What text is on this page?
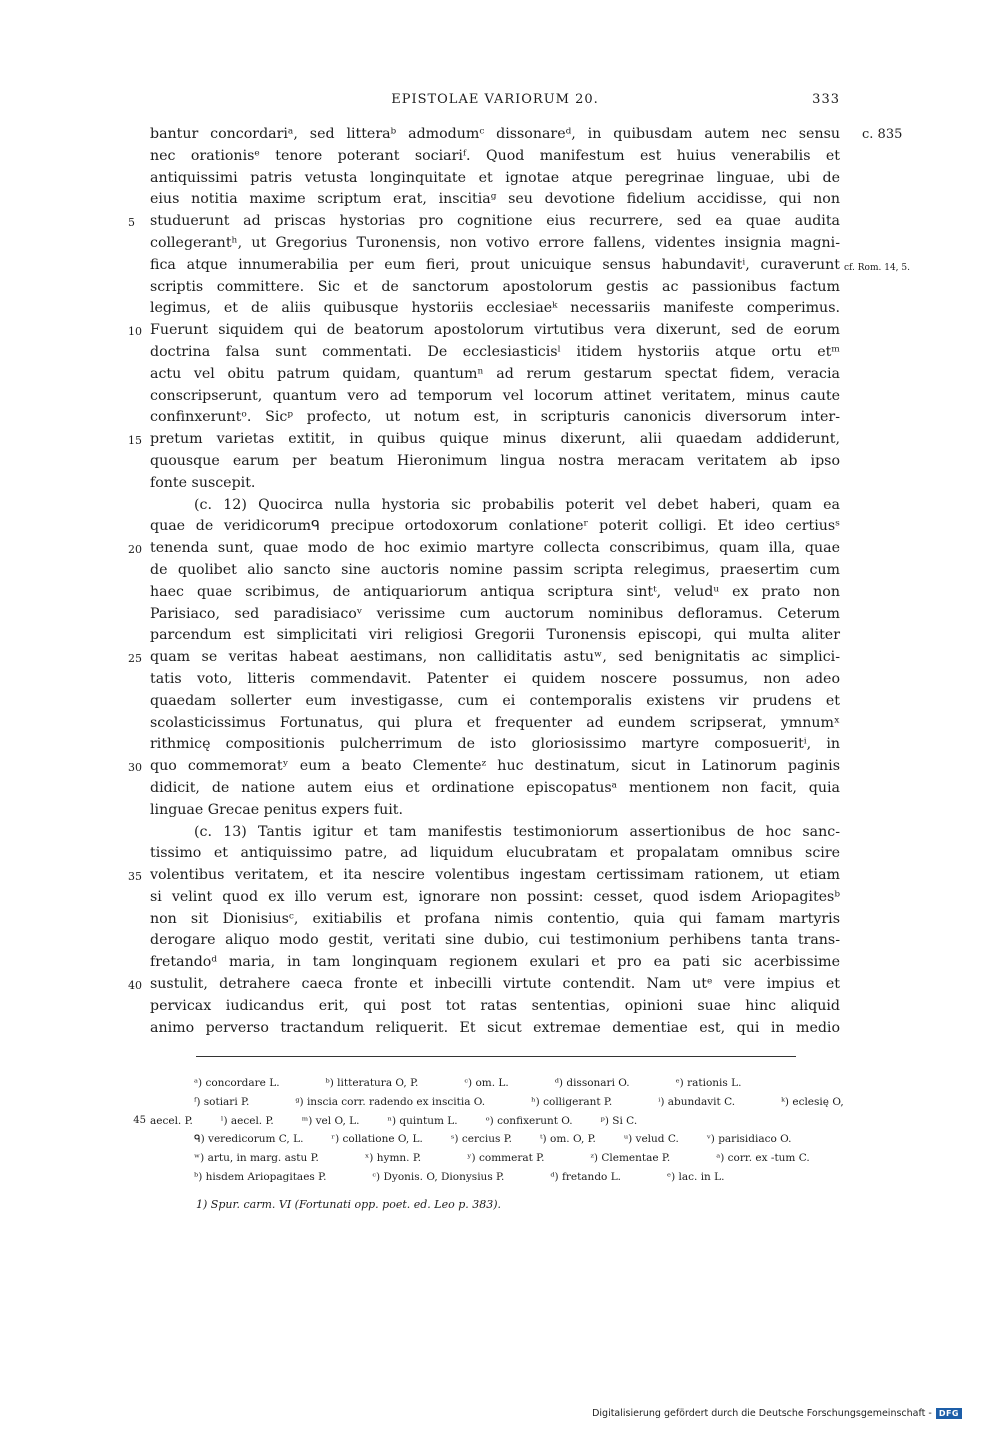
EPISTOLAE VARIORUM 20.	333
bantur concordariᵃ, sed litteraᵇ admodumᶜ dissonareᵈ, in quibusdam autem nec sensu c. 835
nec orationisᵉ tenore poterant sociariᶠ. Quod manifestum est huius venerabilis et
antiquissimi patris vetusta longinquitate et ignotae atque peregrinae linguae, ubi de
eius notitia maxime scriptum erat, inscitiaᵍ seu devotione fidelium accidisse, qui non
studuerunt ad priscas hystorias pro cognitione eius recurrere, sed ea quae audita
5
collegerantʰ, ut Gregorius Turonensis, non votivo errore fallens, videntes insignia magni-
fica atque innumerabilia per eum fieri, prout unicuique sensus habundavitⁱ, curaverunt cf. Rom. 14, 5.
scriptis committere. Sic et de sanctorum apostolorum gestis ac passionibus factum
legimus, et de aliis quibusque hystoriis ecclesiaeᵏ necessariis manifeste comperimus.
Fuerunt siquidem qui de beatorum apostolorum virtutibus vera dixerunt, sed de eorum
10
doctrina falsa sunt commentati. De ecclesiasticisˡ itidem hystoriis atque ortu etᵐ
actu vel obitu patrum quidam, quantumⁿ ad rerum gestarum spectat fidem, veracia
conscripserunt, quantum vero ad temporum vel locorum attinet veritatem, minus caute
confinxeruntᵒ. Sicᵖ profecto, ut notum est, in scripturis canonicis diversorum inter-
pretum varietas extitit, in quibus quique minus dixerunt, alii quaedam addiderunt,
15
quousque earum per beatum Hieronimum lingua nostra meracam veritatem ab ipso
fonte suscepit.
(c. 12) Quocirca nulla hystoria sic probabilis poterit vel debet haberi, quam ea
quae de veridicorumᑫ precipue ortodoxorum conlationeʳ poterit colligi. Et ideo certiusˢ
tenenda sunt, quae modo de hoc eximio martyre collecta conscribimus, quam illa, quae
20
de quolibet alio sancto sine auctoris nomine passim scripta relegimus, praesertim cum
haec quae scribimus, de antiquariorum antiqua scriptura sintᵗ, veludᵘ ex prato non
Parisiaco, sed paradisiacoᵛ verissime cum auctorum nominibus defloramus. Ceterum
parcendum est simplicitati viri religiosi Gregorii Turonensis episcopi, qui multa aliter
quam se veritas habeat aestimans, non calliditatis astuʷ, sed benignitatis ac simplici-
25
tatis voto, litteris commendavit. Patenter ei quidem noscere possumus, non adeo
quaedam sollerter eum investigasse, cum ei contemporalis existens vir prudens et
scolasticissimus Fortunatus, qui plura et frequenter ad eundem scripserat, ymnumˣ
rithmicę compositionis pulcherrimum de isto gloriosissimo martyre composueritⁱ, in
quo commemoratʸ eum a beato Clementeᶻ huc destinatum, sicut in Latinorum paginis
30
didicit, de natione autem eius et ordinatione episcopatusᵃ mentionem non facit, quia
linguae Grecae penitus expers fuit.
(c. 13) Tantis igitur et tam manifestis testimoniorum assertionibus de hoc sanc-
tissimo et antiquissimo patre, ad liquidum elucubratam et propalatam omnibus scire
volentibus veritatem, et ita nescire volentibus ingestam certissimam rationem, ut etiam
35
si velint quod ex illo verum est, ignorare non possint: cesset, quod isdem Ariopagitesᵇ
non sit Dionisiusᶜ, exitiabilis et profana nimis contentio, quia qui famam martyris
derogare aliquo modo gestit, veritati sine dubio, cui testimonium perhibens tanta trans-
fretandoᵈ maria, in tam longinquam regionem exulari et pro ea pati sic acerbissime
sustulit, detrahere caeca fronte et inbecilli virtute contendit. Nam utᵉ vere impius et
40
pervicax iudicandus erit, qui post tot ratas sententias, opinioni suae hinc aliquid
animo perverso tractandum reliquerit. Et sicut extremae dementiae est, qui in medio
ᵃ) concordare L.	ᵇ) litteratura O, P.	ᶜ) om. L.	ᵈ) dissonari O.	ᵉ) rationis L.
ᶠ) sotiari P.	ᵍ) inscia corr. radendo ex inscitia O.	ʰ) colligerant P.	ⁱ) abundavit C.	ᵏ) eclesię O,
aecel. P.	ˡ) aecel. P.	ᵐ) vel O, L.	ⁿ) quintum L.	ᵒ) confixerunt O.	ᵖ) Si C.
45
ᑫ) veredicorum C, L.	ʳ) collatione O, L.	ˢ) cercius P.	ᵗ) om. O, P.	ᵘ) velud C.	ᵛ) parisidiaco O.
ʷ) artu, in marg. astu P.	ˣ) hymn. P.	ʸ) commerat P.	ᶻ) Clementae P.	ᵃ) corr. ex -tum C.
ᵇ) hisdem Ariopagitaes P.	ᶜ) Dyonis. O, Dionysius P.	ᵈ) fretando L.	ᵉ) lac. in L.
1) Spur. carm. VI (Fortunati opp. poet. ed. Leo p. 383).
Digitalisierung gefördert durch die Deutsche Forschungsgemeinschaft - DFG
